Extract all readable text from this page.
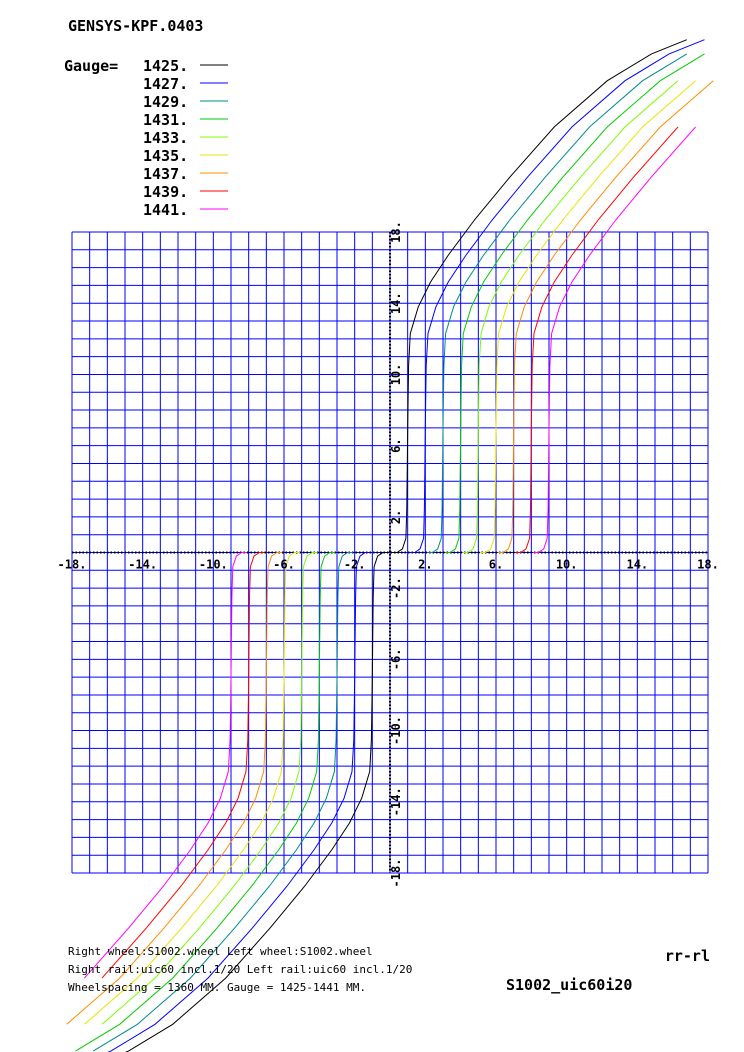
GENSYS-KPF.0403
Gauge= 1425.
1427.
1429.
1431.
1433.
1435.
1437.
1439.
1441.
-18.	-14.	-10.	-6.	-2.	2.	6.	10.	14.	18.
-18.
-14.
-10.
-6.
-2.
2.
6.
10.
14.
18.
Right wheel:S1002.wheel Left wheel:S1002.wheel
Right rail:uic60 incl.1/20 Left rail:uic60 incl.1/20
Wheelspacing = 1360 MM. Gauge = 1425-1441 MM.
rr-rl
S1002_uic60i20
